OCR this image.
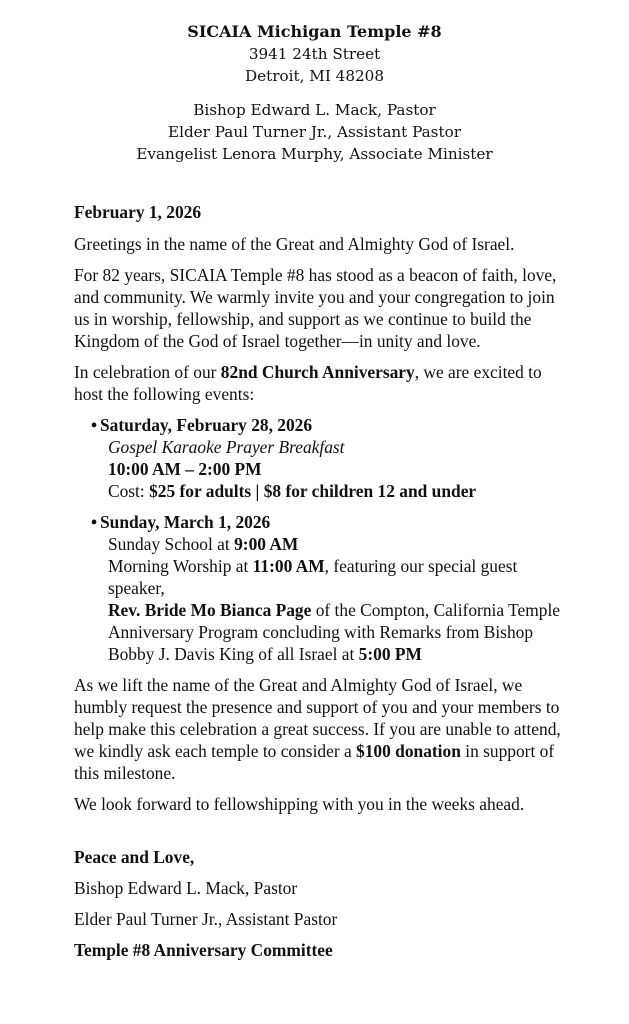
SICAIA Michigan Temple #8
3941 24th Street
Detroit, MI 48208
Bishop Edward L. Mack, Pastor
Elder Paul Turner Jr., Assistant Pastor
Evangelist Lenora Murphy, Associate Minister

February 1, 2026

Greetings in the name of the Great and Almighty God of Israel.

For 82 years, SICAIA Temple #8 has stood as a beacon of faith, love, and community. We warmly invite you and your congregation to join us in worship, fellowship, and support as we continue to build the Kingdom of the God of Israel together—in unity and love.

In celebration of our 82nd Church Anniversary, we are excited to host the following events:

• Saturday, February 28, 2026
Gospel Karaoke Prayer Breakfast
10:00 AM – 2:00 PM
Cost: $25 for adults | $8 for children 12 and under
• Sunday, March 1, 2026
Sunday School at 9:00 AM
Morning Worship at 11:00 AM, featuring our special guest speaker,
Rev. Bride Mo Bianca Page of the Compton, California Temple
Anniversary Program concluding with Remarks from Bishop Bobby J. Davis King of all Israel at 5:00 PM

As we lift the name of the Great and Almighty God of Israel, we humbly request the presence and support of you and your members to help make this celebration a great success. If you are unable to attend, we kindly ask each temple to consider a $100 donation in support of this milestone.

We look forward to fellowshipping with you in the weeks ahead.

Peace and Love,

Bishop Edward L. Mack, Pastor

Elder Paul Turner Jr., Assistant Pastor

Temple #8 Anniversary Committee
